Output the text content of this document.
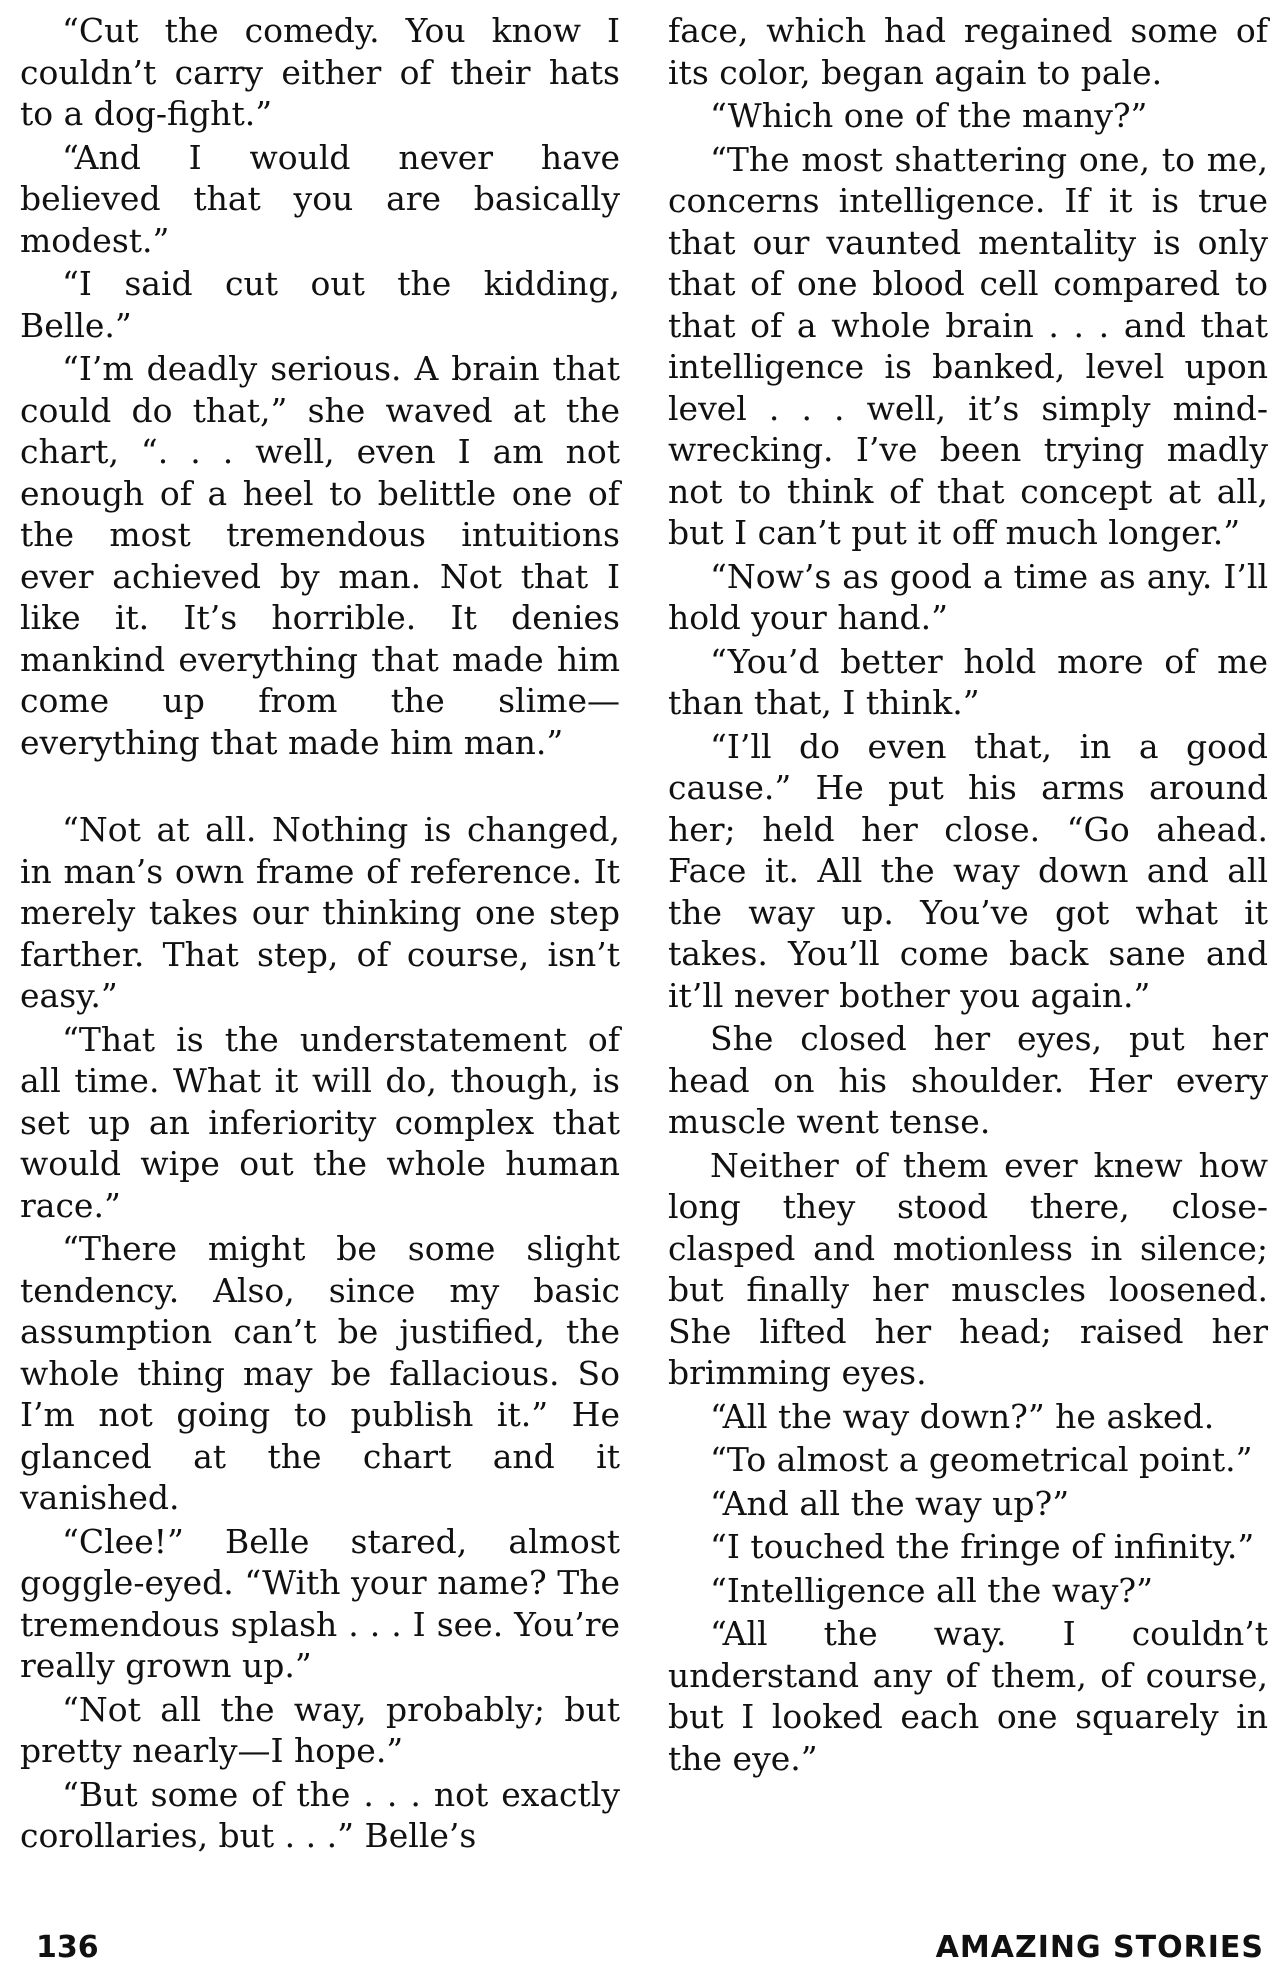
“Cut the comedy. You know I couldn’t carry either of their hats to a dog-fight.”

“And I would never have believed that you are basically modest.”

“I said cut out the kidding, Belle.”

“I’m deadly serious. A brain that could do that,” she waved at the chart, “. . . well, even I am not enough of a heel to belittle one of the most tremendous intuitions ever achieved by man. Not that I like it. It’s horrible. It denies mankind everything that made him come up from the slime—everything that made him man.”

“Not at all. Nothing is changed, in man’s own frame of reference. It merely takes our thinking one step farther. That step, of course, isn’t easy.”

“That is the understatement of all time. What it will do, though, is set up an inferiority complex that would wipe out the whole human race.”

“There might be some slight tendency. Also, since my basic assumption can’t be justified, the whole thing may be fallacious. So I’m not going to publish it.” He glanced at the chart and it vanished.

“Clee!” Belle stared, almost goggle-eyed. “With your name? The tremendous splash . . . I see. You’re really grown up.”

“Not all the way, probably; but pretty nearly—I hope.”

“But some of the . . . not exactly corollaries, but . . .” Belle’s

face, which had regained some of its color, began again to pale.

“Which one of the many?”

“The most shattering one, to me, concerns intelligence. If it is true that our vaunted mentality is only that of one blood cell compared to that of a whole brain . . . and that intelligence is banked, level upon level . . . well, it’s simply mind-wrecking. I’ve been trying madly not to think of that concept at all, but I can’t put it off much longer.”

“Now’s as good a time as any. I’ll hold your hand.”

“You’d better hold more of me than that, I think.”

“I’ll do even that, in a good cause.” He put his arms around her; held her close. “Go ahead. Face it. All the way down and all the way up. You’ve got what it takes. You’ll come back sane and it’ll never bother you again.”

She closed her eyes, put her head on his shoulder. Her every muscle went tense.

Neither of them ever knew how long they stood there, close-clasped and motionless in silence; but finally her muscles loosened. She lifted her head; raised her brimming eyes.

“All the way down?” he asked.

“To almost a geometrical point.”

“And all the way up?”

“I touched the fringe of infinity.”

“Intelligence all the way?”

“All the way. I couldn’t understand any of them, of course, but I looked each one squarely in the eye.”

136	AMAZING STORIES
